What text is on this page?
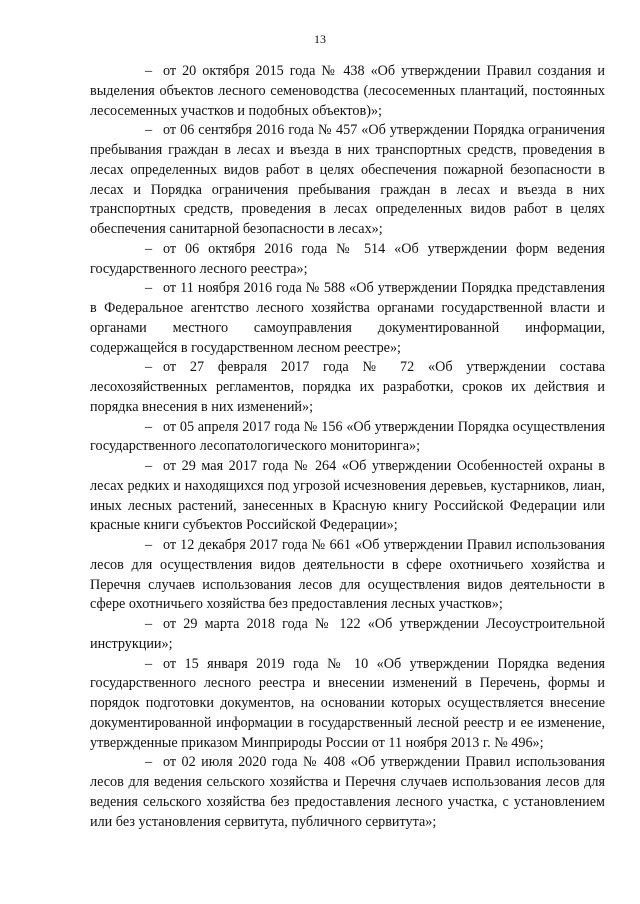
13

– от 20 октября 2015 года № 438 «Об утверждении Правил создания и выделения объектов лесного семеноводства (лесосеменных плантаций, постоянных лесосеменных участков и подобных объектов)»;

– от 06 сентября 2016 года № 457 «Об утверждении Порядка ограничения пребывания граждан в лесах и въезда в них транспортных средств, проведения в лесах определенных видов работ в целях обеспечения пожарной безопасности в лесах и Порядка ограничения пребывания граждан в лесах и въезда в них транспортных средств, проведения в лесах определенных видов работ в целях обеспечения санитарной безопасности в лесах»;

– от 06 октября 2016 года № 514 «Об утверждении форм ведения государственного лесного реестра»;

– от 11 ноября 2016 года № 588 «Об утверждении Порядка представления в Федеральное агентство лесного хозяйства органами государственной власти и органами местного самоуправления документированной информации, содержащейся в государственном лесном реестре»;

– от 27 февраля 2017 года № 72 «Об утверждении состава лесохозяйственных регламентов, порядка их разработки, сроков их действия и порядка внесения в них изменений»;

– от 05 апреля 2017 года № 156 «Об утверждении Порядка осуществления государственного лесопатологического мониторинга»;

– от 29 мая 2017 года № 264 «Об утверждении Особенностей охраны в лесах редких и находящихся под угрозой исчезновения деревьев, кустарников, лиан, иных лесных растений, занесенных в Красную книгу Российской Федерации или красные книги субъектов Российской Федерации»;

– от 12 декабря 2017 года № 661 «Об утверждении Правил использования лесов для осуществления видов деятельности в сфере охотничьего хозяйства и Перечня случаев использования лесов для осуществления видов деятельности в сфере охотничьего хозяйства без предоставления лесных участков»;

– от 29 марта 2018 года № 122 «Об утверждении Лесоустроительной инструкции»;

– от 15 января 2019 года № 10 «Об утверждении Порядка ведения государственного лесного реестра и внесении изменений в Перечень, формы и порядок подготовки документов, на основании которых осуществляется внесение документированной информации в государственный лесной реестр и ее изменение, утвержденные приказом Минприроды России от 11 ноября 2013 г. № 496»;

– от 02 июля 2020 года № 408 «Об утверждении Правил использования лесов для ведения сельского хозяйства и Перечня случаев использования лесов для ведения сельского хозяйства без предоставления лесного участка, с установлением или без установления сервитута, публичного сервитута»;
